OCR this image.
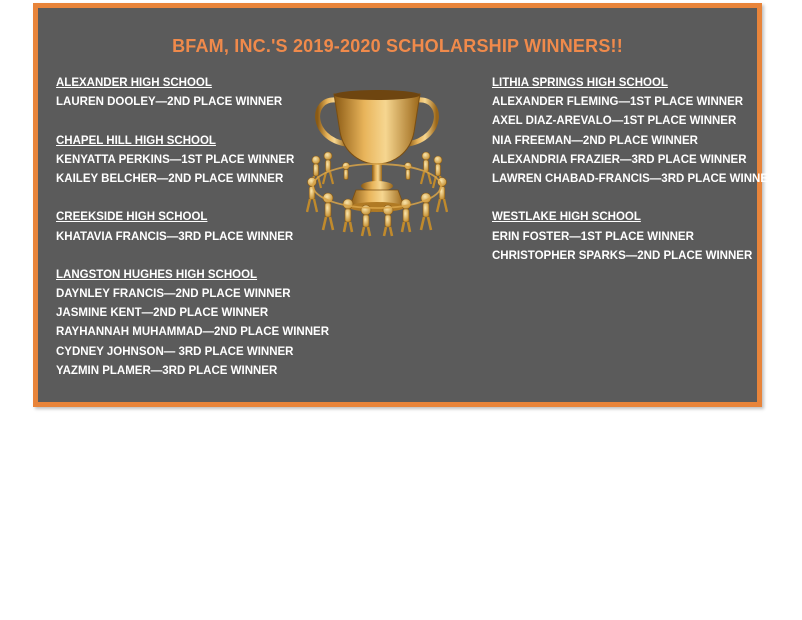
BFAM, INC.'S 2019-2020 SCHOLARSHIP WINNERS!!
ALEXANDER HIGH SCHOOL
LAUREN DOOLEY—2ND PLACE WINNER
CHAPEL HILL HIGH SCHOOL
KENYATTA PERKINS—1ST PLACE WINNER
KAILEY BELCHER—2ND PLACE WINNER
CREEKSIDE HIGH SCHOOL
KHATAVIA FRANCIS—3RD PLACE WINNER
LANGSTON HUGHES HIGH SCHOOL
DAYNLEY FRANCIS—2ND PLACE WINNER
JASMINE KENT—2ND PLACE WINNER
RAYHANNAH MUHAMMAD—2ND PLACE WINNER
CYDNEY JOHNSON— 3RD PLACE WINNER
YAZMIN PLAMER—3RD PLACE WINNER
LITHIA SPRINGS HIGH SCHOOL
ALEXANDER FLEMING—1ST PLACE WINNER
AXEL DIAZ-AREVALO—1ST PLACE WINNER
NIA FREEMAN—2ND PLACE WINNER
ALEXANDRIA FRAZIER—3RD PLACE WINNER
LAWREN CHABAD-FRANCIS—3RD PLACE WINNER
WESTLAKE HIGH SCHOOL
ERIN FOSTER—1ST PLACE WINNER
CHRISTOPHER SPARKS—2ND PLACE WINNER
